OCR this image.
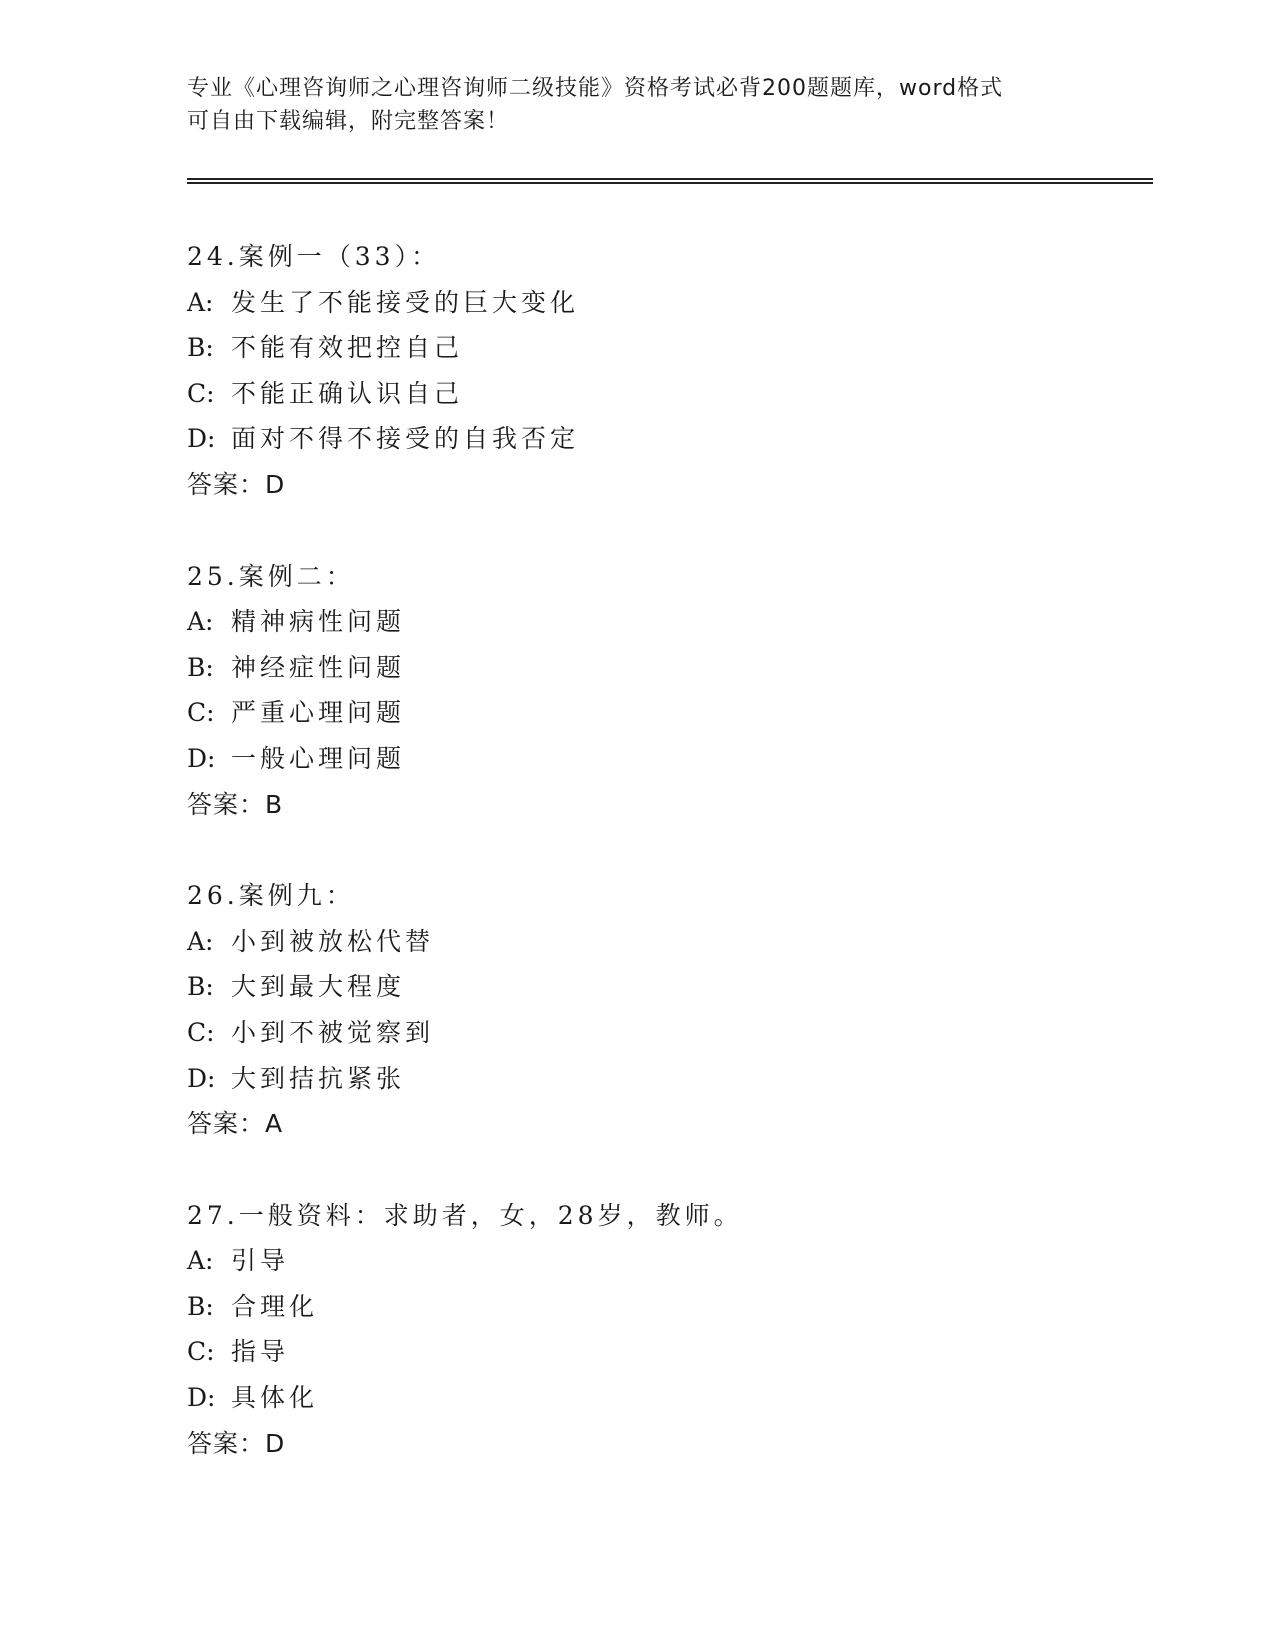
专业《心理咨询师之心理咨询师二级技能》资格考试必背200题题库，word格式
可自由下载编辑，附完整答案！
24.案例一（33）：
A: 发生了不能接受的巨大变化
B: 不能有效把控自己
C: 不能正确认识自己
D: 面对不得不接受的自我否定
答案：D
25.案例二：
A: 精神病性问题
B: 神经症性问题
C: 严重心理问题
D: 一般心理问题
答案：B
26.案例九：
A: 小到被放松代替
B: 大到最大程度
C: 小到不被觉察到
D: 大到拮抗紧张
答案：A
27.一般资料：求助者，女，28岁，教师。
A: 引导
B: 合理化
C: 指导
D: 具体化
答案：D
